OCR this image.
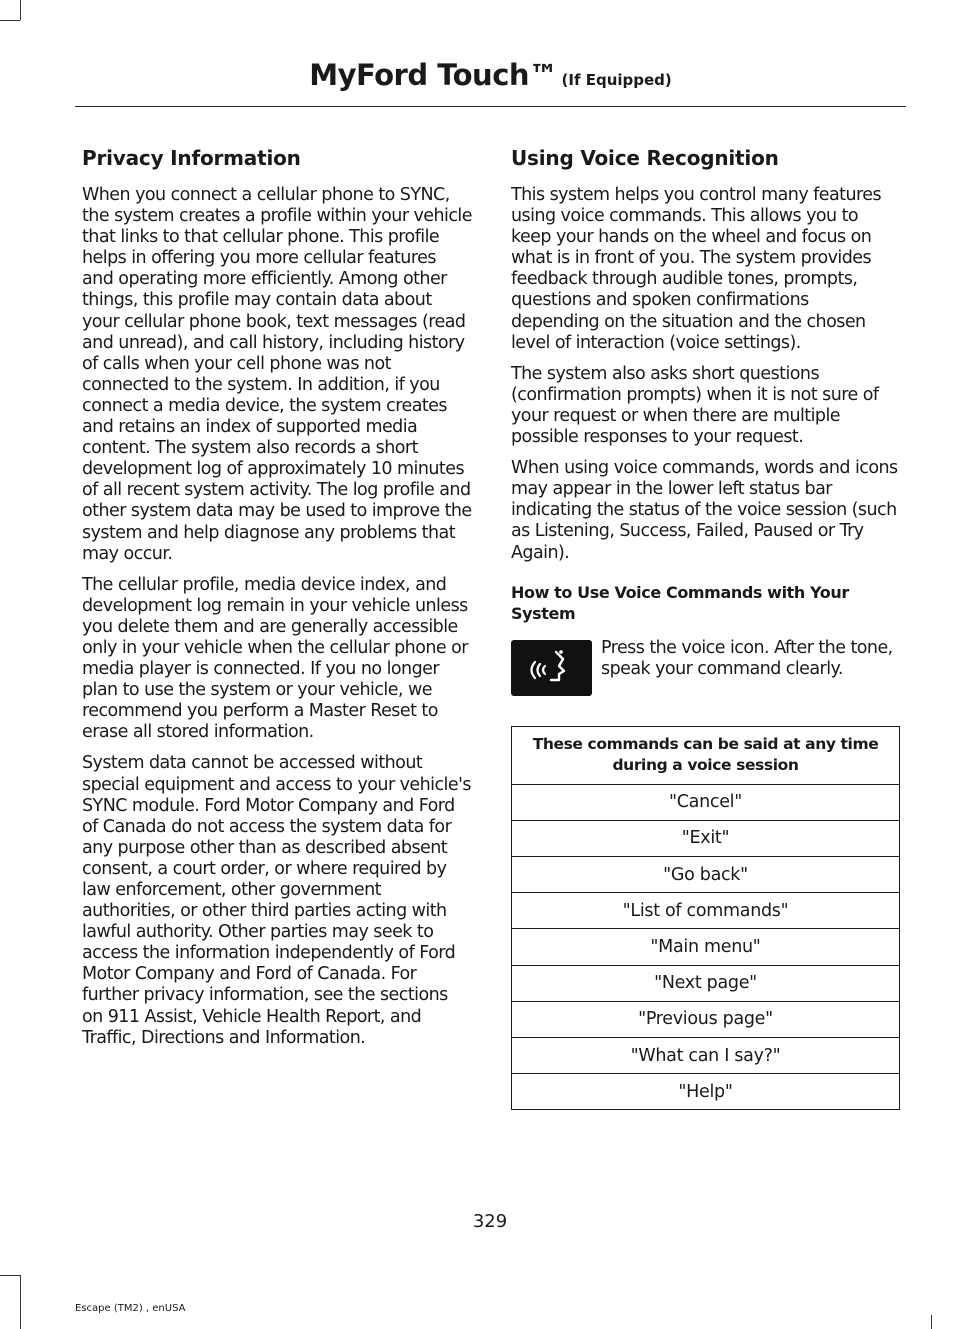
MyFord Touch™ (If Equipped)
Privacy Information

When you connect a cellular phone to SYNC, the system creates a profile within your vehicle that links to that cellular phone. This profile helps in offering you more cellular features and operating more efficiently. Among other things, this profile may contain data about your cellular phone book, text messages (read and unread), and call history, including history of calls when your cell phone was not connected to the system. In addition, if you connect a media device, the system creates and retains an index of supported media content. The system also records a short development log of approximately 10 minutes of all recent system activity. The log profile and other system data may be used to improve the system and help diagnose any problems that may occur.

The cellular profile, media device index, and development log remain in your vehicle unless you delete them and are generally accessible only in your vehicle when the cellular phone or media player is connected. If you no longer plan to use the system or your vehicle, we recommend you perform a Master Reset to erase all stored information.

System data cannot be accessed without special equipment and access to your vehicle's SYNC module. Ford Motor Company and Ford of Canada do not access the system data for any purpose other than as described absent consent, a court order, or where required by law enforcement, other government authorities, or other third parties acting with lawful authority. Other parties may seek to access the information independently of Ford Motor Company and Ford of Canada. For further privacy information, see the sections on 911 Assist, Vehicle Health Report, and Traffic, Directions and Information.

Using Voice Recognition

This system helps you control many features using voice commands. This allows you to keep your hands on the wheel and focus on what is in front of you. The system provides feedback through audible tones, prompts, questions and spoken confirmations depending on the situation and the chosen level of interaction (voice settings).

The system also asks short questions (confirmation prompts) when it is not sure of your request or when there are multiple possible responses to your request.

When using voice commands, words and icons may appear in the lower left status bar indicating the status of the voice session (such as Listening, Success, Failed, Paused or Try Again).

How to Use Voice Commands with Your System

Press the voice icon. After the tone, speak your command clearly.

These commands can be said at any time during a voice session
"Cancel"
"Exit"
"Go back"
"List of commands"
"Main menu"
"Next page"
"Previous page"
"What can I say?"
"Help"
329
Escape (TM2) , enUSA
